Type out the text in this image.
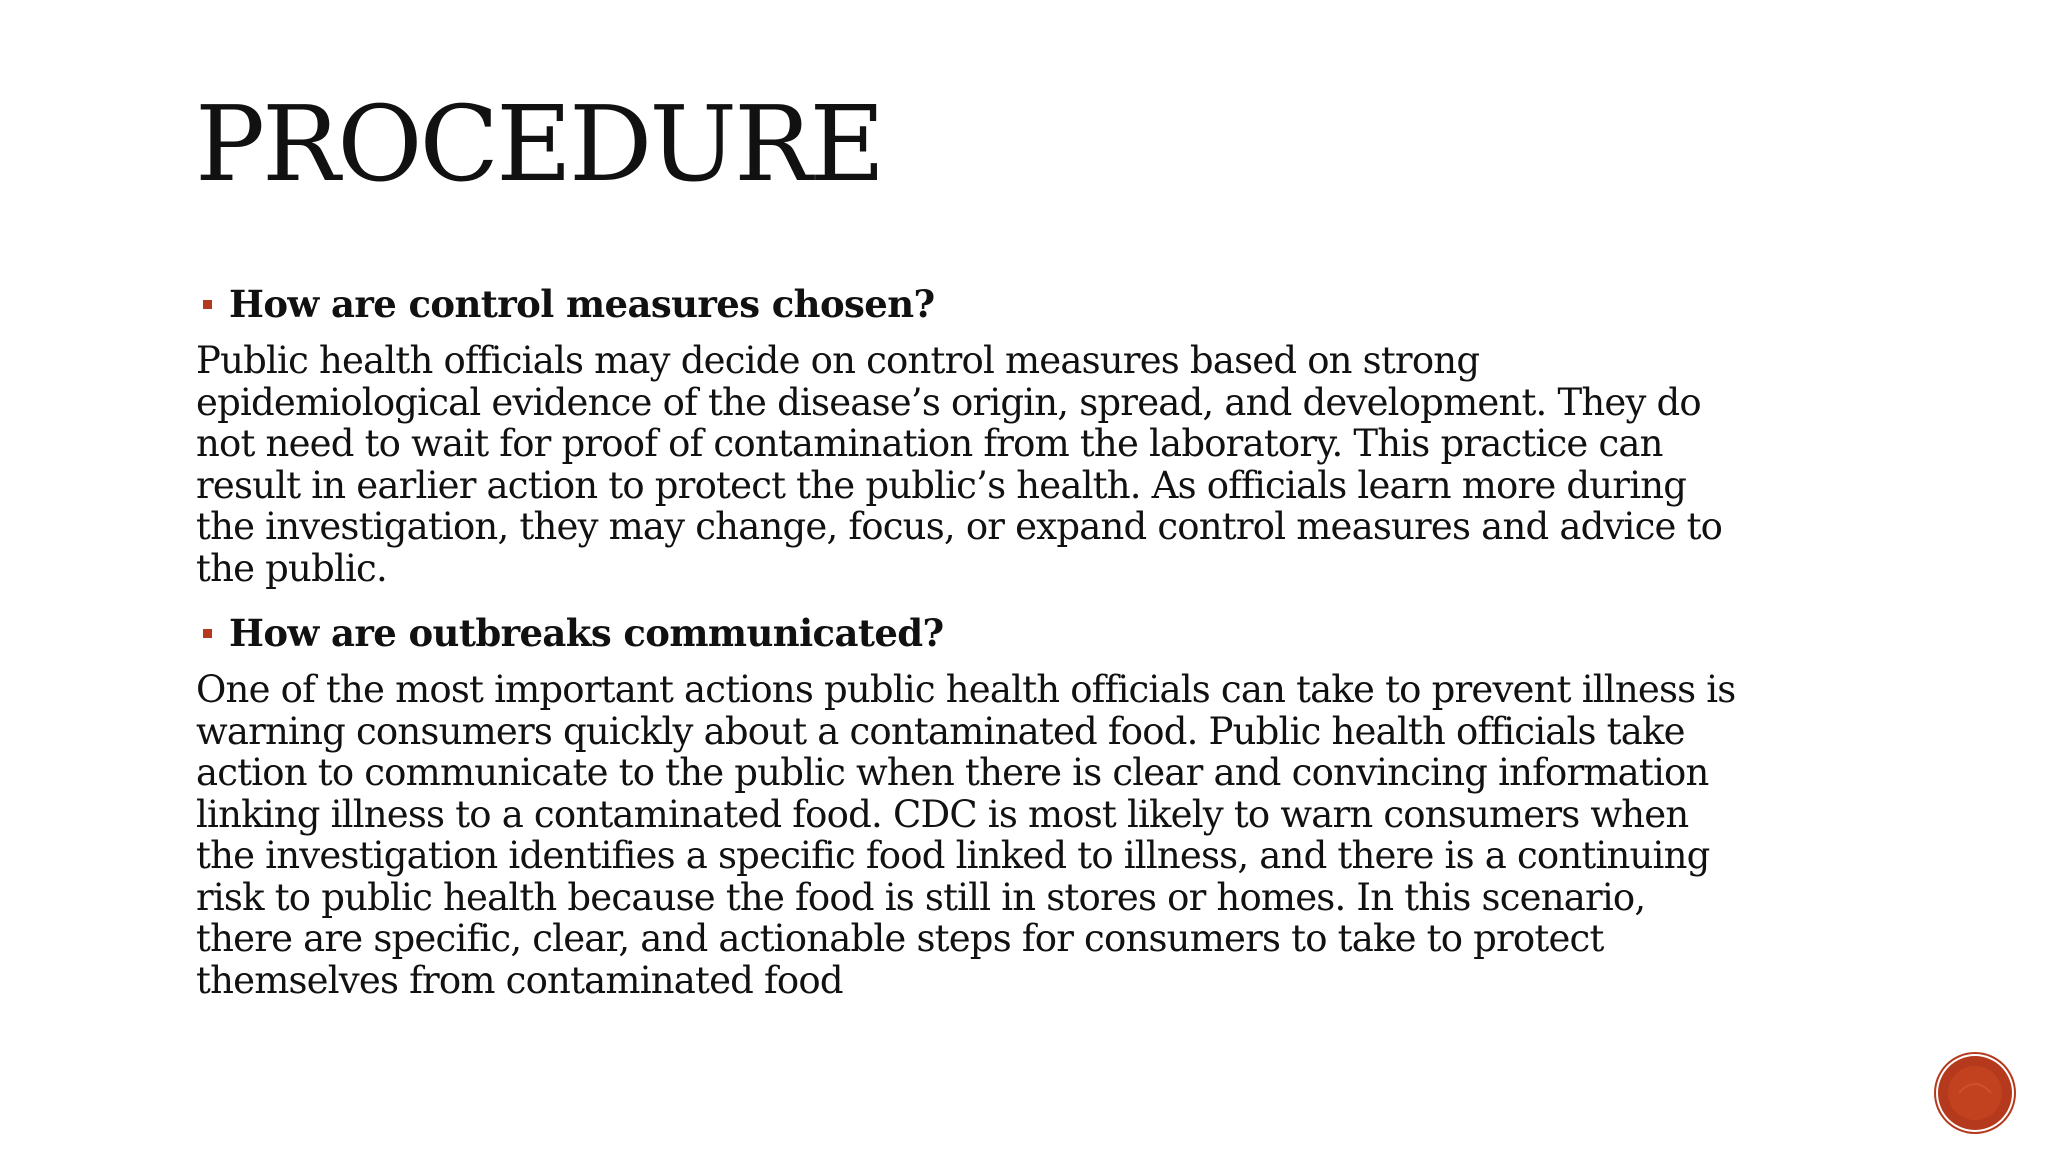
PROCEDURE
How are control measures chosen?

Public health officials may decide on control measures based on strong
epidemiological evidence of the disease’s origin, spread, and development. They do
not need to wait for proof of contamination from the laboratory. This practice can
result in earlier action to protect the public’s health. As officials learn more during
the investigation, they may change, focus, or expand control measures and advice to
the public.

How are outbreaks communicated?

One of the most important actions public health officials can take to prevent illness is
warning consumers quickly about a contaminated food. Public health officials take
action to communicate to the public when there is clear and convincing information
linking illness to a contaminated food. CDC is most likely to warn consumers when
the investigation identifies a specific food linked to illness, and there is a continuing
risk to public health because the food is still in stores or homes. In this scenario,
there are specific, clear, and actionable steps for consumers to take to protect
themselves from contaminated food
